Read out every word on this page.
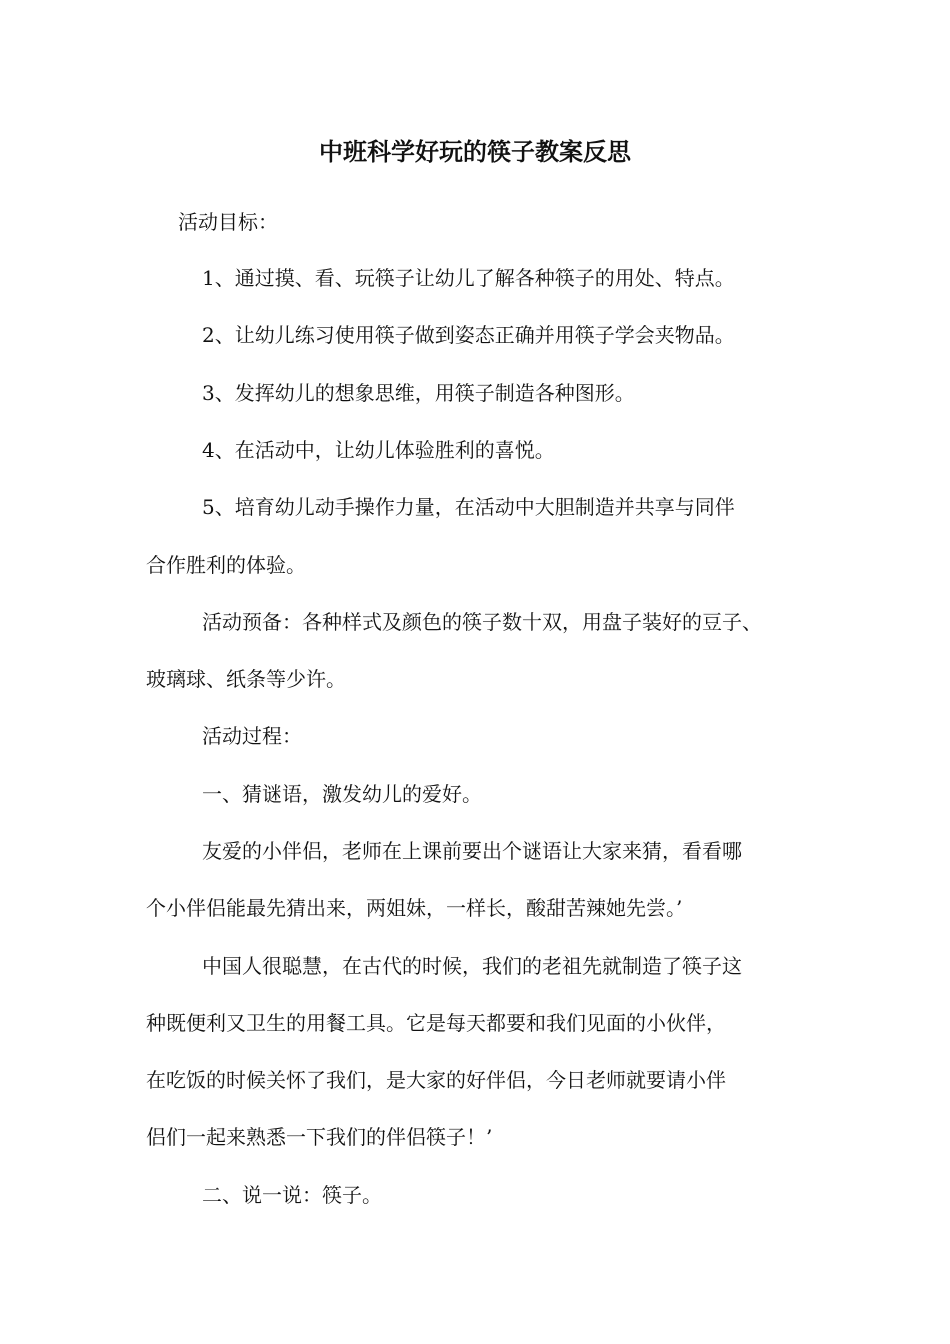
中班科学好玩的筷子教案反思
活动目标：
1、通过摸、看、玩筷子让幼儿了解各种筷子的用处、特点。
2、让幼儿练习使用筷子做到姿态正确并用筷子学会夹物品。
3、发挥幼儿的想象思维，用筷子制造各种图形。
4、在活动中，让幼儿体验胜利的喜悦。
5、培育幼儿动手操作力量，在活动中大胆制造并共享与同伴
合作胜利的体验。
活动预备：各种样式及颜色的筷子数十双，用盘子装好的豆子、
玻璃球、纸条等少许。
活动过程：
一、猜谜语，激发幼儿的爱好。
友爱的小伴侣，老师在上课前要出个谜语让大家来猜，看看哪
个小伴侣能最先猜出来，两姐妹，一样长，酸甜苦辣她先尝。’
中国人很聪慧，在古代的时候，我们的老祖先就制造了筷子这
种既便利又卫生的用餐工具。它是每天都要和我们见面的小伙伴，
在吃饭的时候关怀了我们，是大家的好伴侣，今日老师就要请小伴
侣们一起来熟悉一下我们的伴侣筷子！’
二、说一说：筷子。
